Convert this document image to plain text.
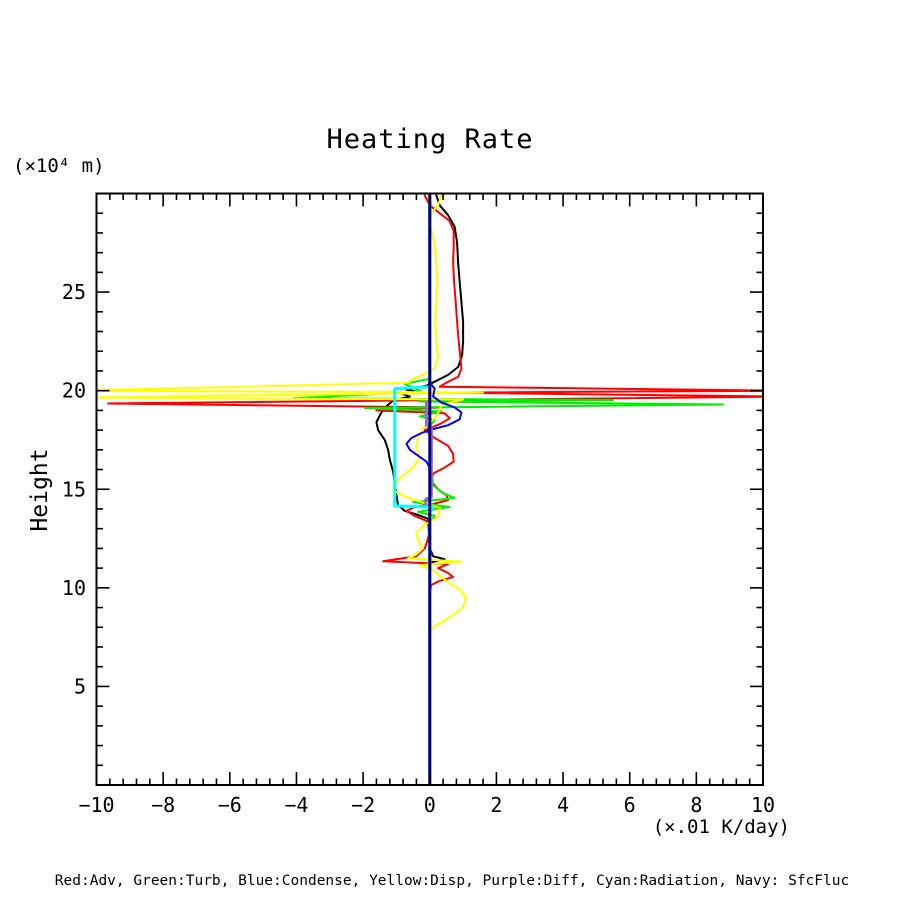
−10 −8 −6 −4 −2 0	2	4	6	8 10
5
10
15
20
25
Heating Rate
(×10⁴ m)
Height
(×.01 K/day)
Red:Adv, Green:Turb, Blue:Condense, Yellow:Disp, Purple:Diff, Cyan:Radiation, Navy: SfcFluc
